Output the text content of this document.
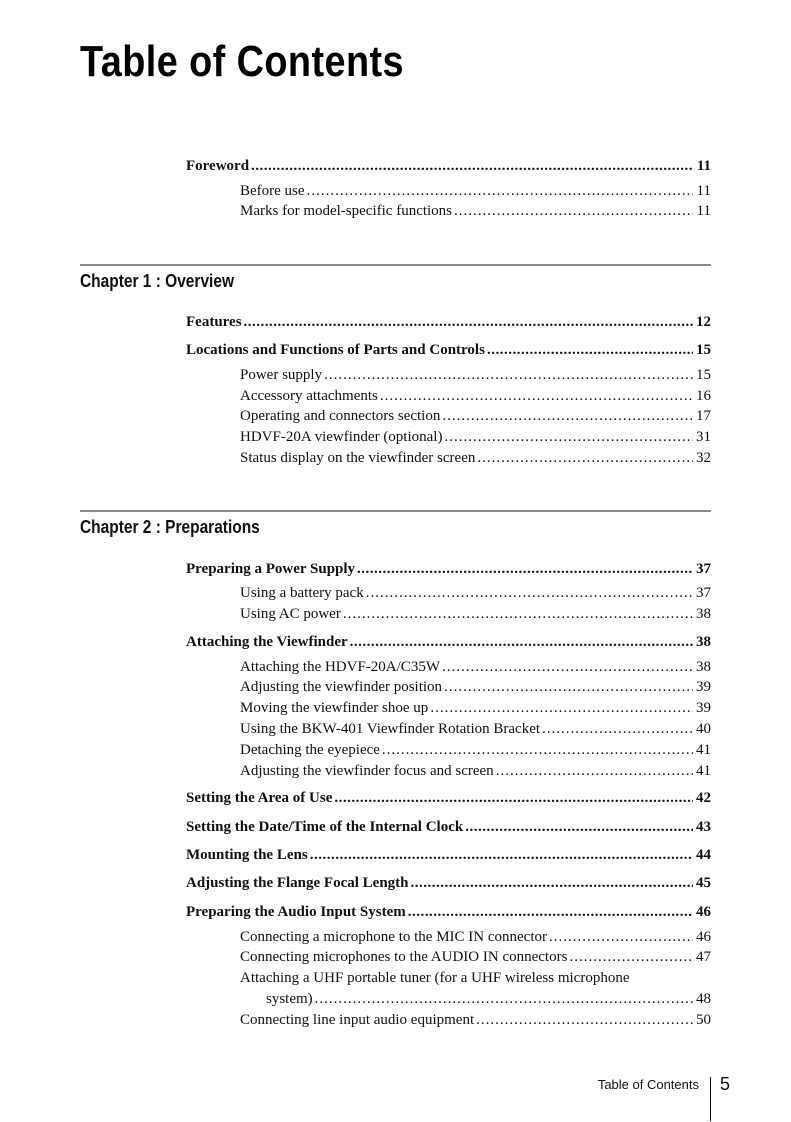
Table of Contents
Foreword .....	11
Before use .....	11
Marks for model-specific functions .....	11
Chapter 1 : Overview
Features .....	12
Locations and Functions of Parts and Controls .....	15
Power supply .....	15
Accessory attachments .....	16
Operating and connectors section .....	17
HDVF-20A viewfinder (optional) .....	31
Status display on the viewfinder screen .....	32
Chapter 2 : Preparations
Preparing a Power Supply .....	37
Using a battery pack .....	37
Using AC power .....	38
Attaching the Viewfinder .....	38
Attaching the HDVF-20A/C35W .....	38
Adjusting the viewfinder position .....	39
Moving the viewfinder shoe up .....	39
Using the BKW-401 Viewfinder Rotation Bracket .....	40
Detaching the eyepiece .....	41
Adjusting the viewfinder focus and screen .....	41
Setting the Area of Use .....	42
Setting the Date/Time of the Internal Clock .....	43
Mounting the Lens .....	44
Adjusting the Flange Focal Length .....	45
Preparing the Audio Input System .....	46
Connecting a microphone to the MIC IN connector .....	46
Connecting microphones to the AUDIO IN connectors .....	47
Attaching a UHF portable tuner (for a UHF wireless microphone
system) .....	48
Connecting line input audio equipment .....	50
Table of Contents 5
